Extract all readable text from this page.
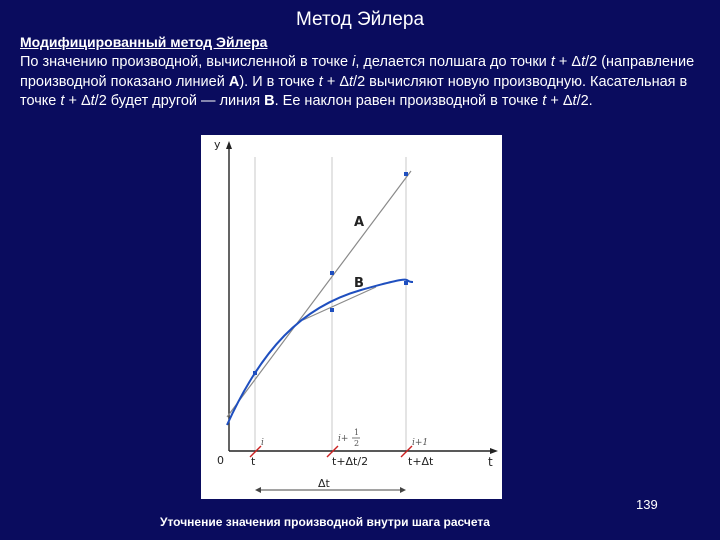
Метод Эйлера
Модифицированный метод Эйлера
По значению производной, вычисленной в точке i, делается полшага до точки t + Δt/2 (направление производной показано линией A). И в точке t + Δt/2 вычисляют новую производную. Касательная в точке t + Δt/2 будет другой — линия B. Ее наклон равен производной в точке t + Δt/2.
y
0	t
A
B
i	i+
1
2	i+1
t	t+Δt/2	t+Δt
Δt
139
Уточнение значения производной внутри шага расчета
